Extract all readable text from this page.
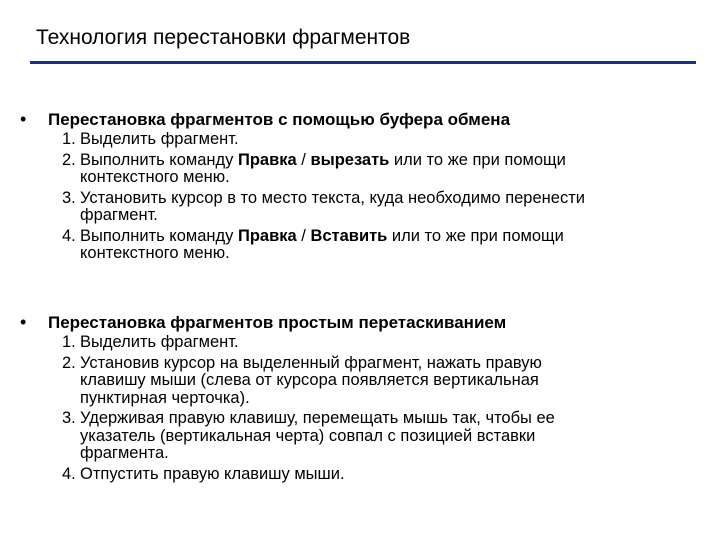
Технология перестановки фрагментов
• Перестановка фрагментов с помощью буфера обмена
1. Выделить фрагмент.
2. Выполнить команду Правка / вырезать или то же при помощи
контекстного меню.
3. Установить курсор в то место текста, куда необходимо перенести
фрагмент.
4. Выполнить команду Правка / Вставить или то же при помощи
контекстного меню.
• Перестановка фрагментов простым перетаскиванием
1. Выделить фрагмент.
2. Установив курсор на выделенный фрагмент, нажать правую
клавишу мыши (слева от курсора появляется вертикальная
пунктирная черточка).
3. Удерживая правую клавишу, перемещать мышь так, чтобы ее
указатель (вертикальная черта) совпал с позицией вставки
фрагмента.
4. Отпустить правую клавишу мыши.
